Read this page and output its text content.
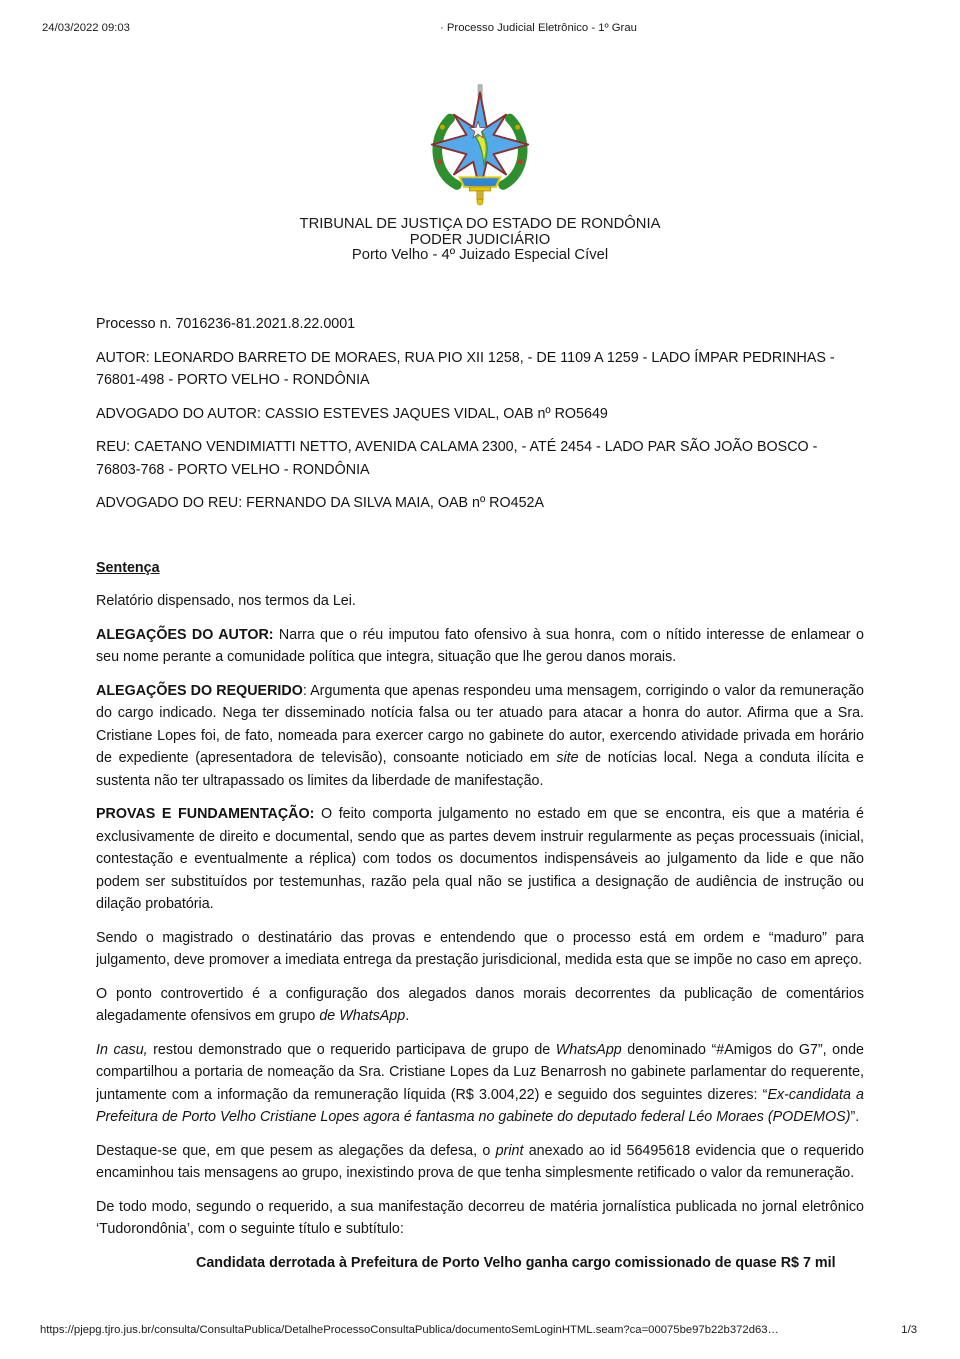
24/03/2022 09:03	· Processo Judicial Eletrônico - 1º Grau
TRIBUNAL DE JUSTIÇA DO ESTADO DE RONDÔNIA
PODER JUDICIÁRIO
Porto Velho - 4º Juizado Especial Cível

Processo n. 7016236-81.2021.8.22.0001

AUTOR: LEONARDO BARRETO DE MORAES, RUA PIO XII 1258, - DE 1109 A 1259 - LADO ÍMPAR PEDRINHAS - 76801-498 - PORTO VELHO - RONDÔNIA

ADVOGADO DO AUTOR: CASSIO ESTEVES JAQUES VIDAL, OAB nº RO5649

REU: CAETANO VENDIMIATTI NETTO, AVENIDA CALAMA 2300, - ATÉ 2454 - LADO PAR SÃO JOÃO BOSCO - 76803-768 - PORTO VELHO - RONDÔNIA

ADVOGADO DO REU: FERNANDO DA SILVA MAIA, OAB nº RO452A

Sentença

Relatório dispensado, nos termos da Lei.

ALEGAÇÕES DO AUTOR: Narra que o réu imputou fato ofensivo à sua honra, com o nítido interesse de enlamear o seu nome perante a comunidade política que integra, situação que lhe gerou danos morais.

ALEGAÇÕES DO REQUERIDO: Argumenta que apenas respondeu uma mensagem, corrigindo o valor da remuneração do cargo indicado. Nega ter disseminado notícia falsa ou ter atuado para atacar a honra do autor. Afirma que a Sra. Cristiane Lopes foi, de fato, nomeada para exercer cargo no gabinete do autor, exercendo atividade privada em horário de expediente (apresentadora de televisão), consoante noticiado em site de notícias local. Nega a conduta ilícita e sustenta não ter ultrapassado os limites da liberdade de manifestação.

PROVAS E FUNDAMENTAÇÃO: O feito comporta julgamento no estado em que se encontra, eis que a matéria é exclusivamente de direito e documental, sendo que as partes devem instruir regularmente as peças processuais (inicial, contestação e eventualmente a réplica) com todos os documentos indispensáveis ao julgamento da lide e que não podem ser substituídos por testemunhas, razão pela qual não se justifica a designação de audiência de instrução ou dilação probatória.

Sendo o magistrado o destinatário das provas e entendendo que o processo está em ordem e “maduro” para julgamento, deve promover a imediata entrega da prestação jurisdicional, medida esta que se impõe no caso em apreço.

O ponto controvertido é a configuração dos alegados danos morais decorrentes da publicação de comentários alegadamente ofensivos em grupo de WhatsApp.

In casu, restou demonstrado que o requerido participava de grupo de WhatsApp denominado “#Amigos do G7”, onde compartilhou a portaria de nomeação da Sra. Cristiane Lopes da Luz Benarrosh no gabinete parlamentar do requerente, juntamente com a informação da remuneração líquida (R$ 3.004,22) e seguido dos seguintes dizeres: “Ex-candidata a Prefeitura de Porto Velho Cristiane Lopes agora é fantasma no gabinete do deputado federal Léo Moraes (PODEMOS)”.

Destaque-se que, em que pesem as alegações da defesa, o print anexado ao id 56495618 evidencia que o requerido encaminhou tais mensagens ao grupo, inexistindo prova de que tenha simplesmente retificado o valor da remuneração.

De todo modo, segundo o requerido, a sua manifestação decorreu de matéria jornalística publicada no jornal eletrônico ‘Tudorondônia’, com o seguinte título e subtítulo:

Candidata derrotada à Prefeitura de Porto Velho ganha cargo comissionado de quase R$ 7 mil

https://pjepg.tjro.jus.br/consulta/ConsultaPublica/DetalheProcessoConsultaPublica/documentoSemLoginHTML.seam?ca=00075be97b22b372d63…	1/3
